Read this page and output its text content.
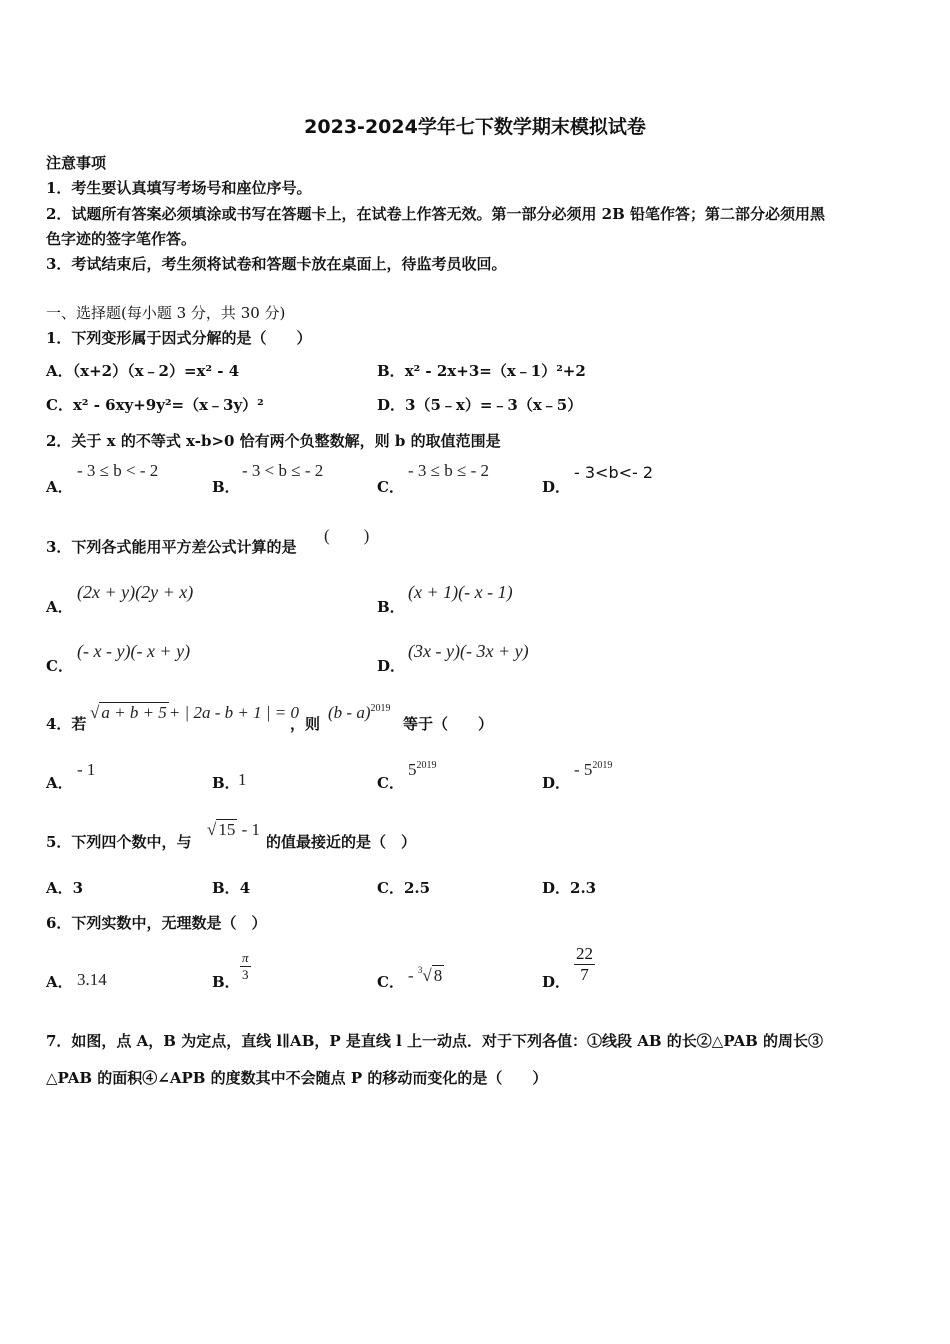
2023-2024学年七下数学期末模拟试卷
注意事项
1．考生要认真填写考场号和座位序号。
2．试题所有答案必须填涂或书写在答题卡上，在试卷上作答无效。第一部分必须用 2B 铅笔作答；第二部分必须用黑
色字迹的签字笔作答。
3．考试结束后，考生须将试卷和答题卡放在桌面上，待监考员收回。
一、选择题(每小题 3 分，共 30 分)
1．下列变形属于因式分解的是（　　）
A．（x+2）（x﹣2）=x² - 4	B．x² - 2x+3=（x﹣1）²+2
C．x² - 6xy+9y²=（x﹣3y）²	D．3（5﹣x）=﹣3（x﹣5）
2．关于 x 的不等式 x-b>0 恰有两个负整数解，则 b 的取值范围是
A．
- 3 ≤ b < - 2
B．
- 3 < b ≤ - 2
C．
- 3 ≤ b ≤ - 2
D．
- 3<b<- 2
3．下列各式能用平方差公式计算的是
(　　)
A．
(2x + y)(2y + x)
B．
(x + 1)(- x - 1)
C．
(- x - y)(- x + y)
D．
(3x - y)(- 3x + y)
4．若
√ a + b + 5 + | 2a - b + 1 | = 0
，则
(b - a)$^{2019}$
等于（　　）
A．
- 1
B．
1	C．
$5^{2019}$
D．
- $5^{2019}$
5．下列四个数中，与
√ 15 - 1
的值最接近的是（　）
A．3	B．4	C．2.5	D．2.3
6．下列实数中，无理数是（　）
A． 3.14	B． $\frac{\pi}{3}$	C． - $^3$√ 8	D． $\frac{22}{7}$
7．如图，点 A，B 为定点，直线 l∥AB，P 是直线 l 上一动点．对于下列各值：①线段 AB 的长②△PAB 的周长③
△PAB 的面积④∠APB 的度数其中不会随点 P 的移动而变化的是（　　）
